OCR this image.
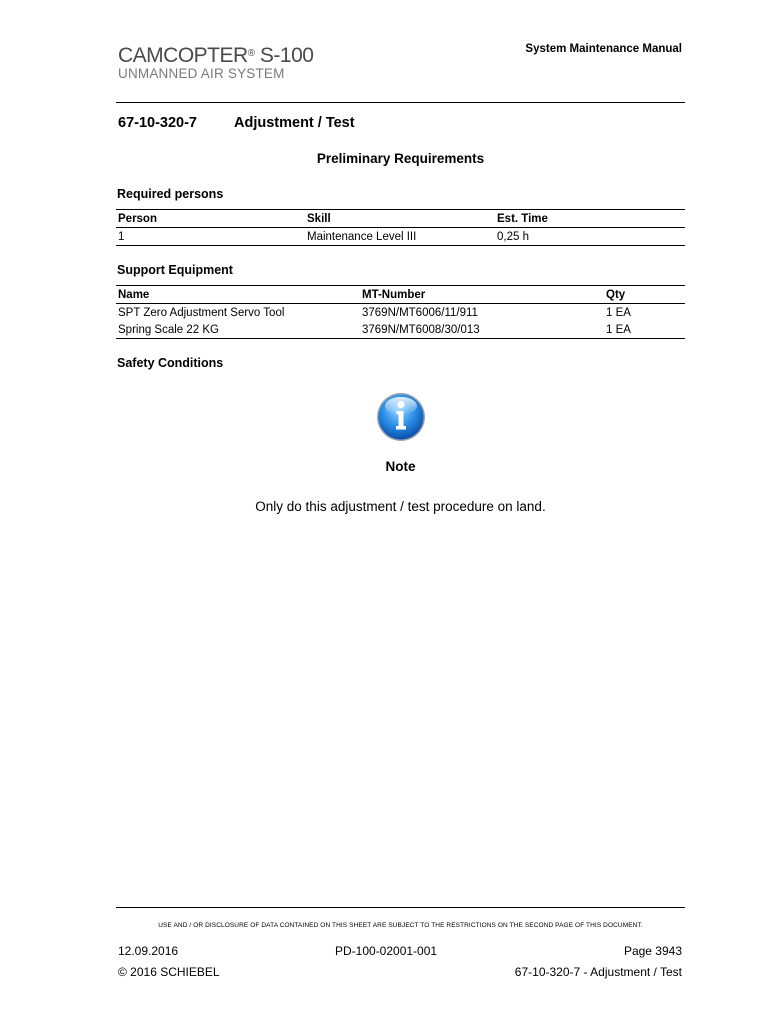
CAMCOPTER® S-100
UNMANNED AIR SYSTEM
System Maintenance Manual
67-10-320-7	Adjustment / Test
Preliminary Requirements
Required persons
Person	Skill	Est. Time
1	Maintenance Level III	0,25 h
Support Equipment
Name	MT-Number	Qty
SPT Zero Adjustment Servo Tool	3769N/MT6006/11/911	1 EA
Spring Scale 22 KG	3769N/MT6008/30/013	1 EA
Safety Conditions
Note
Only do this adjustment / test procedure on land.
USE AND / OR DISCLOSURE OF DATA CONTAINED ON THIS SHEET ARE SUBJECT TO THE RESTRICTIONS ON THE SECOND PAGE OF THIS DOCUMENT.
12.09.2016	PD-100-02001-001	Page 3943
© 2016 SCHIEBEL	67-10-320-7 - Adjustment / Test
